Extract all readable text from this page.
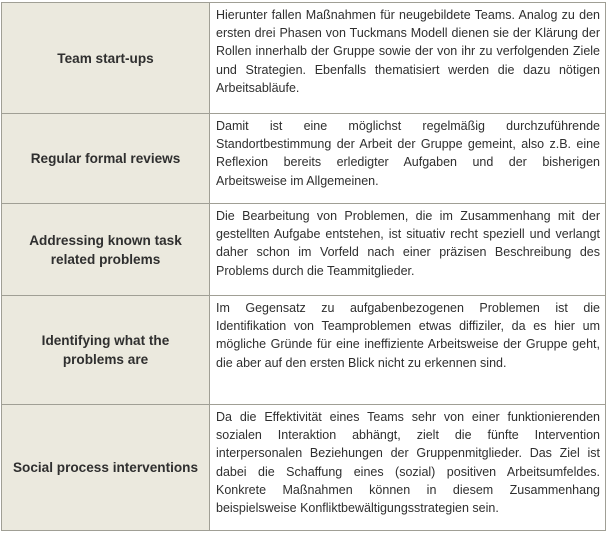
Team start-ups	Hierunter fallen Maßnahmen für neugebildete Teams. Analog zu den ersten drei Phasen von Tuckmans Modell dienen sie der Klärung der Rollen innerhalb der Gruppe sowie der von ihr zu verfolgenden Ziele und Strategien. Ebenfalls thematisiert werden die dazu nötigen Arbeitsabläufe.

Regular formal reviews	Damit ist eine möglichst regelmäßig durchzuführende Standortbestimmung der Arbeit der Gruppe gemeint, also z.B. eine Reflexion bereits erledigter Aufgaben und der bisherigen Arbeitsweise im Allgemeinen.

Addressing known task related problems	Die Bearbeitung von Problemen, die im Zusammenhang mit der gestellten Aufgabe entstehen, ist situativ recht speziell und verlangt daher schon im Vorfeld nach einer präzisen Beschreibung des Problems durch die Teammitglieder.

Identifying what the problems are	Im Gegensatz zu aufgabenbezogenen Problemen ist die Identifikation von Teamproblemen etwas diffiziler, da es hier um mögliche Gründe für eine ineffiziente Arbeitsweise der Gruppe geht, die aber auf den ersten Blick nicht zu erkennen sind.

Social process interventions	Da die Effektivität eines Teams sehr von einer funktionierenden sozialen Interaktion abhängt, zielt die fünfte Intervention interpersonalen Beziehungen der Gruppenmitglieder. Das Ziel ist dabei die Schaffung eines (sozial) positiven Arbeitsumfeldes. Konkrete Maßnahmen können in diesem Zusammenhang beispielsweise Konfliktbewältigungsstrategien sein.
